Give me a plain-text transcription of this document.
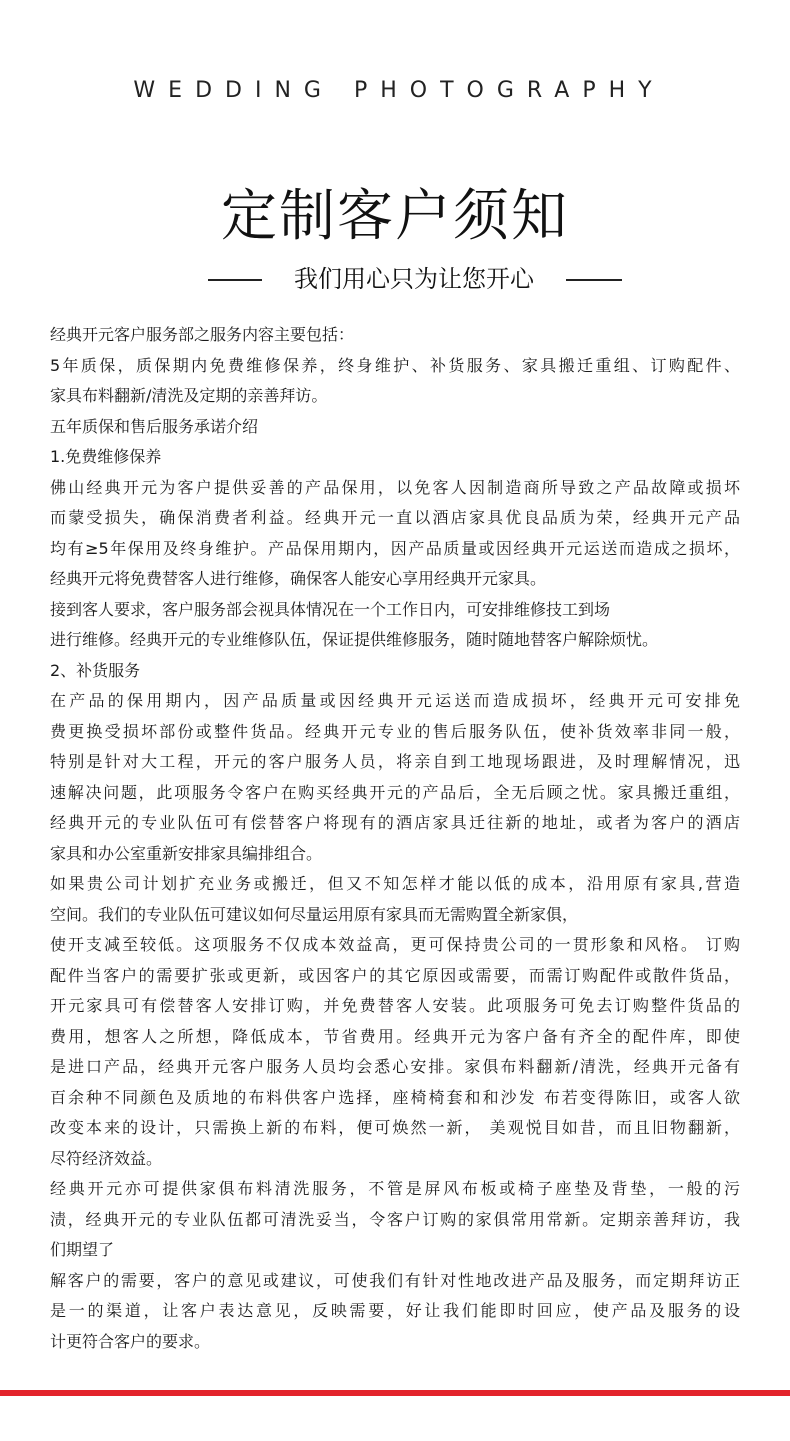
WEDDING PHOTOGRAPHY
定制客户须知
我们用心只为让您开心
经典开元客户服务部之服务内容主要包括：
5年质保，质保期内免费维修保养，终身维护、补货服务、家具搬迁重组、订购配件、
家具布料翻新/清洗及定期的亲善拜访。
五年质保和售后服务承诺介绍
1.免费维修保养
佛山经典开元为客户提供妥善的产品保用，以免客人因制造商所导致之产品故障或损坏
而蒙受损失，确保消费者利益。经典开元一直以酒店家具优良品质为荣，经典开元产品
均有≥5年保用及终身维护。产品保用期内，因产品质量或因经典开元运送而造成之损坏，
经典开元将免费替客人进行维修，确保客人能安心享用经典开元家具。
接到客人要求，客户服务部会视具体情况在一个工作日内，可安排维修技工到场
进行维修。经典开元的专业维修队伍，保证提供维修服务，随时随地替客户解除烦忧。
2、补货服务
在产品的保用期内，因产品质量或因经典开元运送而造成损坏，经典开元可安排免
费更换受损坏部份或整件货品。经典开元专业的售后服务队伍，使补货效率非同一般，
特别是针对大工程，开元的客户服务人员，将亲自到工地现场跟进，及时理解情况，迅
速解决问题，此项服务令客户在购买经典开元的产品后，全无后顾之忧。家具搬迁重组，
经典开元的专业队伍可有偿替客户将现有的酒店家具迁往新的地址，或者为客户的酒店
家具和办公室重新安排家具编排组合。
如果贵公司计划扩充业务或搬迁，但又不知怎样才能以低的成本，沿用原有家具,营造
空间。我们的专业队伍可建议如何尽量运用原有家具而无需购置全新家俱，
使开支减至较低。这项服务不仅成本效益高，更可保持贵公司的一贯形象和风格。 订购
配件当客户的需要扩张或更新，或因客户的其它原因或需要，而需订购配件或散件货品，
开元家具可有偿替客人安排订购，并免费替客人安装。此项服务可免去订购整件货品的
费用，想客人之所想，降低成本，节省费用。经典开元为客户备有齐全的配件库，即使
是进口产品，经典开元客户服务人员均会悉心安排。家俱布料翻新/清洗，经典开元备有
百余种不同颜色及质地的布料供客户选择，座椅椅套和和沙发 布若变得陈旧，或客人欲
改变本来的设计，只需换上新的布料，便可焕然一新， 美观悦目如昔，而且旧物翻新，
尽符经济效益。
经典开元亦可提供家俱布料清洗服务，不管是屏风布板或椅子座垫及背垫，一般的污
渍，经典开元的专业队伍都可清洗妥当，令客户订购的家俱常用常新。定期亲善拜访，我
们期望了
解客户的需要，客户的意见或建议，可使我们有针对性地改进产品及服务，而定期拜访正
是一的渠道，让客户表达意见，反映需要，好让我们能即时回应，使产品及服务的设
计更符合客户的要求。
